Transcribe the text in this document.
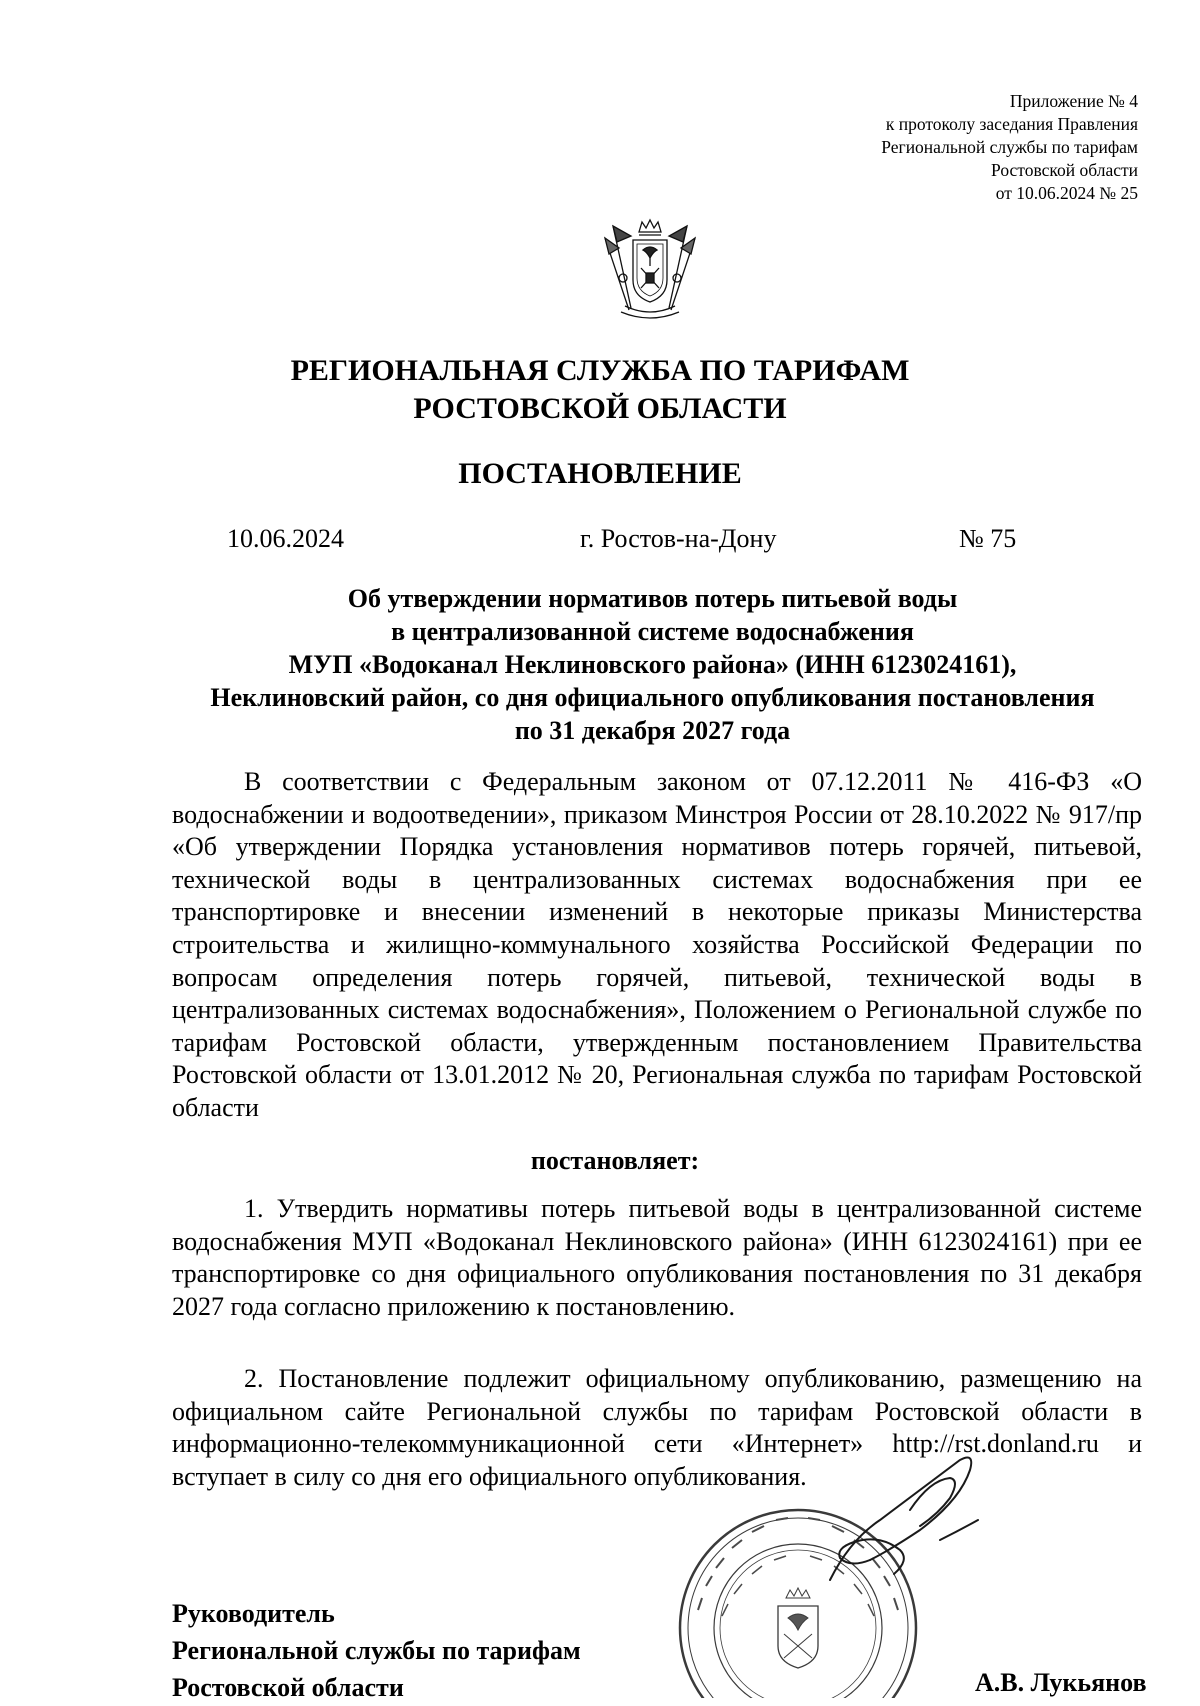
Приложение № 4
к протоколу заседания Правления
Региональной службы по тарифам
Ростовской области
от 10.06.2024 № 25
РЕГИОНАЛЬНАЯ СЛУЖБА ПО ТАРИФАМ
РОСТОВСКОЙ ОБЛАСТИ
ПОСТАНОВЛЕНИЕ
10.06.2024	г. Ростов-на-Дону	№ 75
Об утверждении нормативов потерь питьевой воды
в централизованной системе водоснабжения
МУП «Водоканал Неклиновского района» (ИНН 6123024161),
Неклиновский район, со дня официального опубликования постановления
по 31 декабря 2027 года

В соответствии с Федеральным законом от 07.12.2011 № 416-ФЗ «О водоснабжении и водоотведении», приказом Минстроя России от 28.10.2022 № 917/пр «Об утверждении Порядка установления нормативов потерь горячей, питьевой, технической воды в централизованных системах водоснабжения при ее транспортировке и внесении изменений в некоторые приказы Министерства строительства и жилищно-коммунального хозяйства Российской Федерации по вопросам определения потерь горячей, питьевой, технической воды в централизованных системах водоснабжения», Положением о Региональной службе по тарифам Ростовской области, утвержденным постановлением Правительства Ростовской области от 13.01.2012 № 20, Региональная служба по тарифам Ростовской области

постановляет:

1. Утвердить нормативы потерь питьевой воды в централизованной системе водоснабжения МУП «Водоканал Неклиновского района» (ИНН 6123024161) при ее транспортировке со дня официального опубликования постановления по 31 декабря 2027 года согласно приложению к постановлению.

2. Постановление подлежит официальному опубликованию, размещению на официальном сайте Региональной службы по тарифам Ростовской области в информационно-телекоммуникационной сети «Интернет» http://rst.donland.ru и вступает в силу со дня его официального опубликования.

Руководитель
Региональной службы по тарифам
Ростовской области	А.В. Лукьянов
